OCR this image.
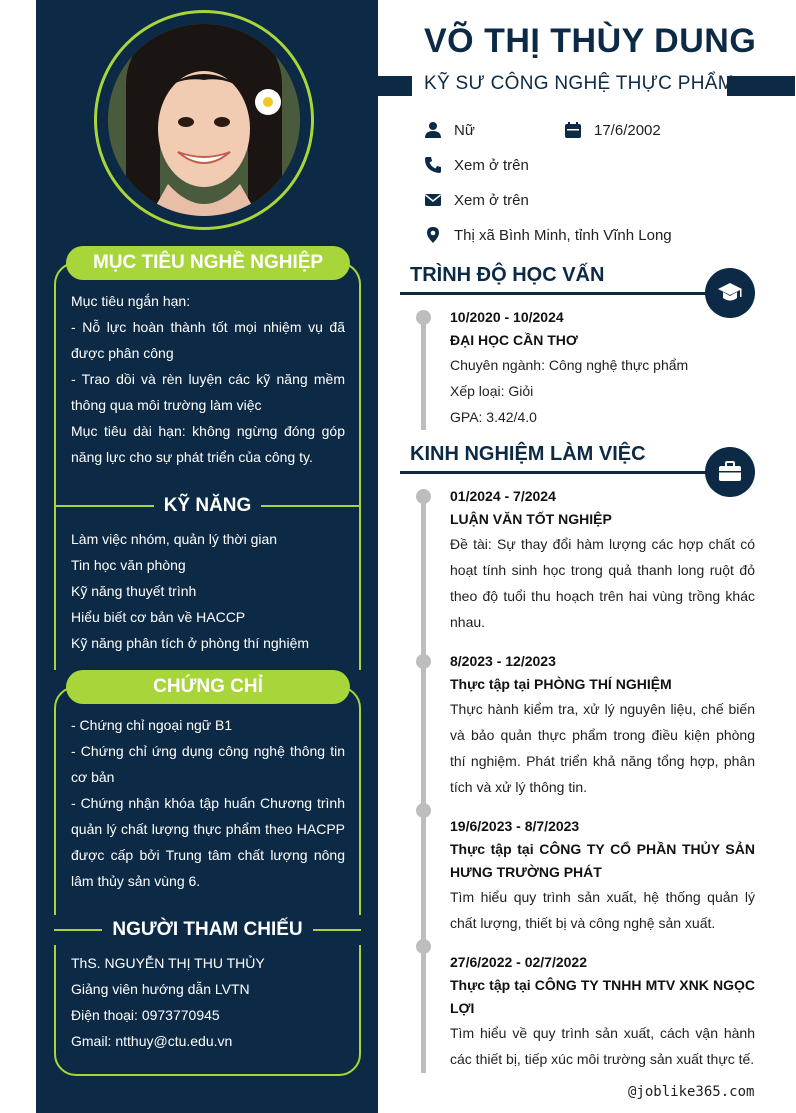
MỤC TIÊU NGHỀ NGHIỆP

Mục tiêu ngắn hạn:

- Nỗ lực hoàn thành tốt mọi nhiệm vụ đã được phân công

- Trao dồi và rèn luyện các kỹ năng mềm thông qua môi trường làm việc

Mục tiêu dài hạn: không ngừng đóng góp năng lực cho sự phát triển của công ty.

KỸ NĂNG

Làm việc nhóm, quản lý thời gian

Tin học văn phòng

Kỹ năng thuyết trình

Hiểu biết cơ bản về HACCP

Kỹ năng phân tích ở phòng thí nghiệm

CHỨNG CHỈ

- Chứng chỉ ngoại ngữ B1

- Chứng chỉ ứng dụng công nghệ thông tin cơ bản

- Chứng nhận khóa tập huấn Chương trình quản lý chất lượng thực phẩm theo HACPP được cấp bởi Trung tâm chất lượng nông lâm thủy sản vùng 6.

NGƯỜI THAM CHIẾU

ThS. NGUYỄN THỊ THU THỦY

Giảng viên hướng dẫn LVTN

Điện thoại: 0973770945

Gmail: ntthuy@ctu.edu.vn

VÕ THỊ THÙY DUNG
KỸ SƯ CÔNG NGHỆ THỰC PHẨM
Nữ	17/6/2002
Xem ở trên
Xem ở trên
Thị xã Bình Minh, tỉnh Vĩnh Long
TRÌNH ĐỘ HỌC VẤN
10/2020 - 10/2024
ĐẠI HỌC CẦN THƠ
Chuyên ngành: Công nghệ thực phẩm
Xếp loại: Giỏi
GPA: 3.42/4.0
KINH NGHIỆM LÀM VIỆC
01/2024 - 7/2024
LUẬN VĂN TỐT NGHIỆP
Đề tài: Sự thay đổi hàm lượng các hợp chất có hoạt tính sinh học trong quả thanh long ruột đỏ theo độ tuổi thu hoạch trên hai vùng trồng khác nhau.
8/2023 - 12/2023
Thực tập tại PHÒNG THÍ NGHIỆM
Thực hành kiểm tra, xử lý nguyên liệu, chế biến và bảo quản thực phẩm trong điều kiện phòng thí nghiệm. Phát triển khả năng tổng hợp, phân tích và xử lý thông tin.
19/6/2023 - 8/7/2023
Thực tập tại CÔNG TY CỔ PHẦN THỦY SẢN HƯNG TRƯỜNG PHÁT
Tìm hiểu quy trình sản xuất, hệ thống quản lý chất lượng, thiết bị và công nghệ sản xuất.
27/6/2022 - 02/7/2022
Thực tập tại CÔNG TY TNHH MTV XNK NGỌC LỢI
Tìm hiểu về quy trình sản xuất, cách vận hành các thiết bị, tiếp xúc môi trường sản xuất thực tế.
@joblike365.com
